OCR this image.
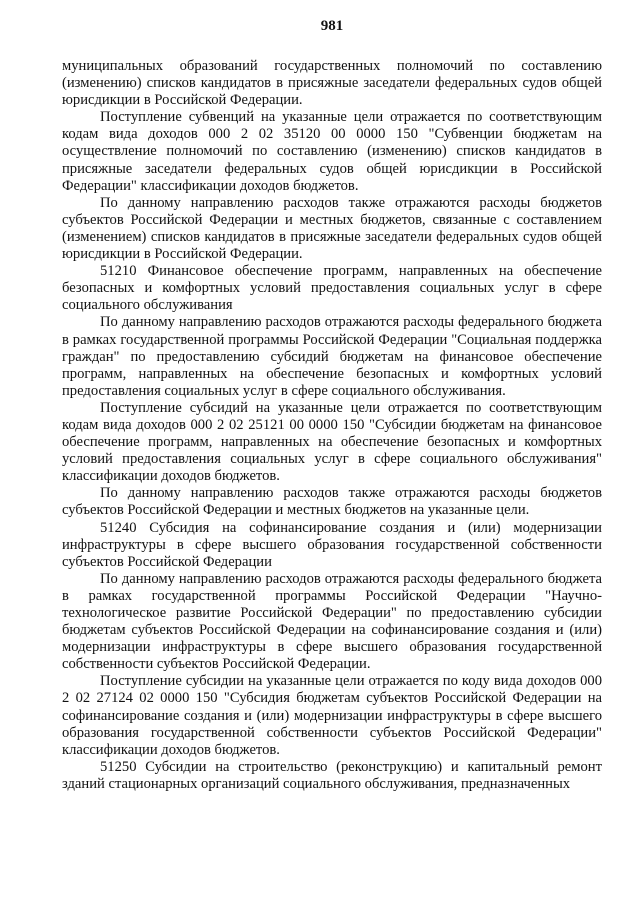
981

муниципальных образований государственных полномочий по составлению (изменению) списков кандидатов в присяжные заседатели федеральных судов общей юрисдикции в Российской Федерации.

Поступление субвенций на указанные цели отражается по соответствующим кодам вида доходов 000 2 02 35120 00 0000 150 "Субвенции бюджетам на осуществление полномочий по составлению (изменению) списков кандидатов в присяжные заседатели федеральных судов общей юрисдикции в Российской Федерации" классификации доходов бюджетов.

По данному направлению расходов также отражаются расходы бюджетов субъектов Российской Федерации и местных бюджетов, связанные с составлением (изменением) списков кандидатов в присяжные заседатели федеральных судов общей юрисдикции в Российской Федерации.

51210 Финансовое обеспечение программ, направленных на обеспечение безопасных и комфортных условий предоставления социальных услуг в сфере социального обслуживания

По данному направлению расходов отражаются расходы федерального бюджета в рамках государственной программы Российской Федерации "Социальная поддержка граждан" по предоставлению субсидий бюджетам на финансовое обеспечение программ, направленных на обеспечение безопасных и комфортных условий предоставления социальных услуг в сфере социального обслуживания.

Поступление субсидий на указанные цели отражается по соответствующим кодам вида доходов 000 2 02 25121 00 0000 150 "Субсидии бюджетам на финансовое обеспечение программ, направленных на обеспечение безопасных и комфортных условий предоставления социальных услуг в сфере социального обслуживания" классификации доходов бюджетов.

По данному направлению расходов также отражаются расходы бюджетов субъектов Российской Федерации и местных бюджетов на указанные цели.

51240 Субсидия на софинансирование создания и (или) модернизации инфраструктуры в сфере высшего образования государственной собственности субъектов Российской Федерации

По данному направлению расходов отражаются расходы федерального бюджета в рамках государственной программы Российской Федерации "Научно-технологическое развитие Российской Федерации" по предоставлению субсидии бюджетам субъектов Российской Федерации на софинансирование создания и (или) модернизации инфраструктуры в сфере высшего образования государственной собственности субъектов Российской Федерации.

Поступление субсидии на указанные цели отражается по коду вида доходов 000 2 02 27124 02 0000 150 "Субсидия бюджетам субъектов Российской Федерации на софинансирование создания и (или) модернизации инфраструктуры в сфере высшего образования государственной собственности субъектов Российской Федерации" классификации доходов бюджетов.

51250 Субсидии на строительство (реконструкцию) и капитальный ремонт зданий стационарных организаций социального обслуживания, предназначенных
